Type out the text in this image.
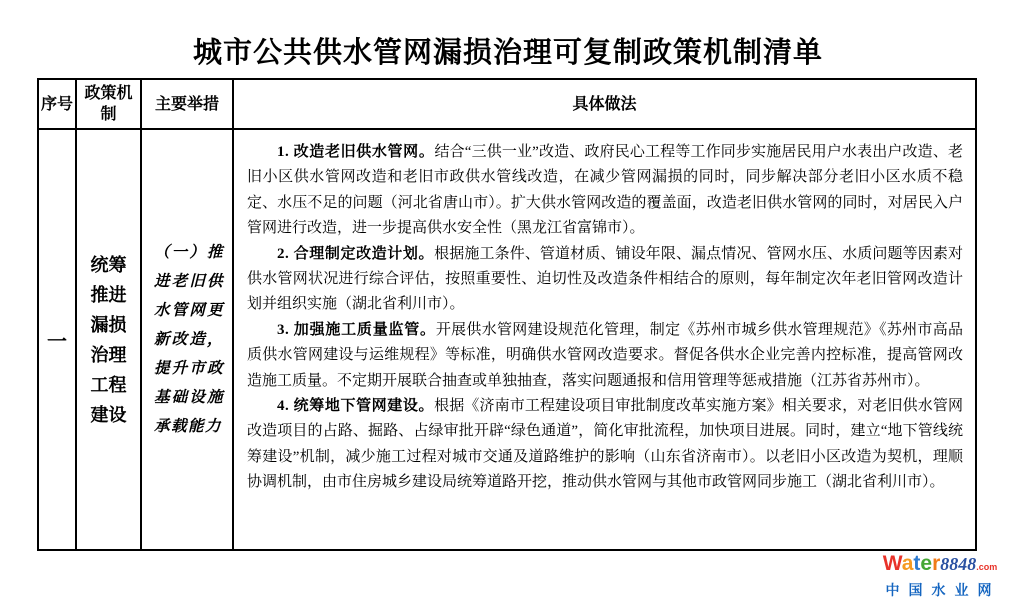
城市公共供水管网漏损治理可复制政策机制清单
序号	政策机制	主要举措	具体做法
一	统筹推进漏损治理工程建设	（一）推进老旧供水管网更新改造，提升市政基础设施承载能力	1. 改造老旧供水管网。结合“三供一业”改造、政府民心工程等工作同步实施居民用户水表出户改造、老旧小区供水管网改造和老旧市政供水管线改造，在减少管网漏损的同时，同步解决部分老旧小区水质不稳定、水压不足的问题（河北省唐山市）。扩大供水管网改造的覆盖面，改造老旧供水管网的同时，对居民入户管网进行改造，进一步提高供水安全性（黑龙江省富锦市）。

2. 合理制定改造计划。根据施工条件、管道材质、铺设年限、漏点情况、管网水压、水质问题等因素对供水管网状况进行综合评估，按照重要性、迫切性及改造条件相结合的原则，每年制定次年老旧管网改造计划并组织实施（湖北省利川市）。

3. 加强施工质量监管。开展供水管网建设规范化管理，制定《苏州市城乡供水管理规范》《苏州市高品质供水管网建设与运维规程》等标准，明确供水管网改造要求。督促各供水企业完善内控标准，提高管网改造施工质量。不定期开展联合抽查或单独抽查，落实问题通报和信用管理等惩戒措施（江苏省苏州市）。

4. 统筹地下管网建设。根据《济南市工程建设项目审批制度改革实施方案》相关要求，对老旧供水管网改造项目的占路、掘路、占绿审批开辟“绿色通道”，简化审批流程，加快项目进展。同时，建立“地下管线统筹建设”机制，减少施工过程对城市交通及道路维护的影响（山东省济南市）。以老旧小区改造为契机，理顺协调机制，由市住房城乡建设局统筹道路开挖，推动供水管网与其他市政管网同步施工（湖北省利川市）。

Water8848.com
中国水业网
